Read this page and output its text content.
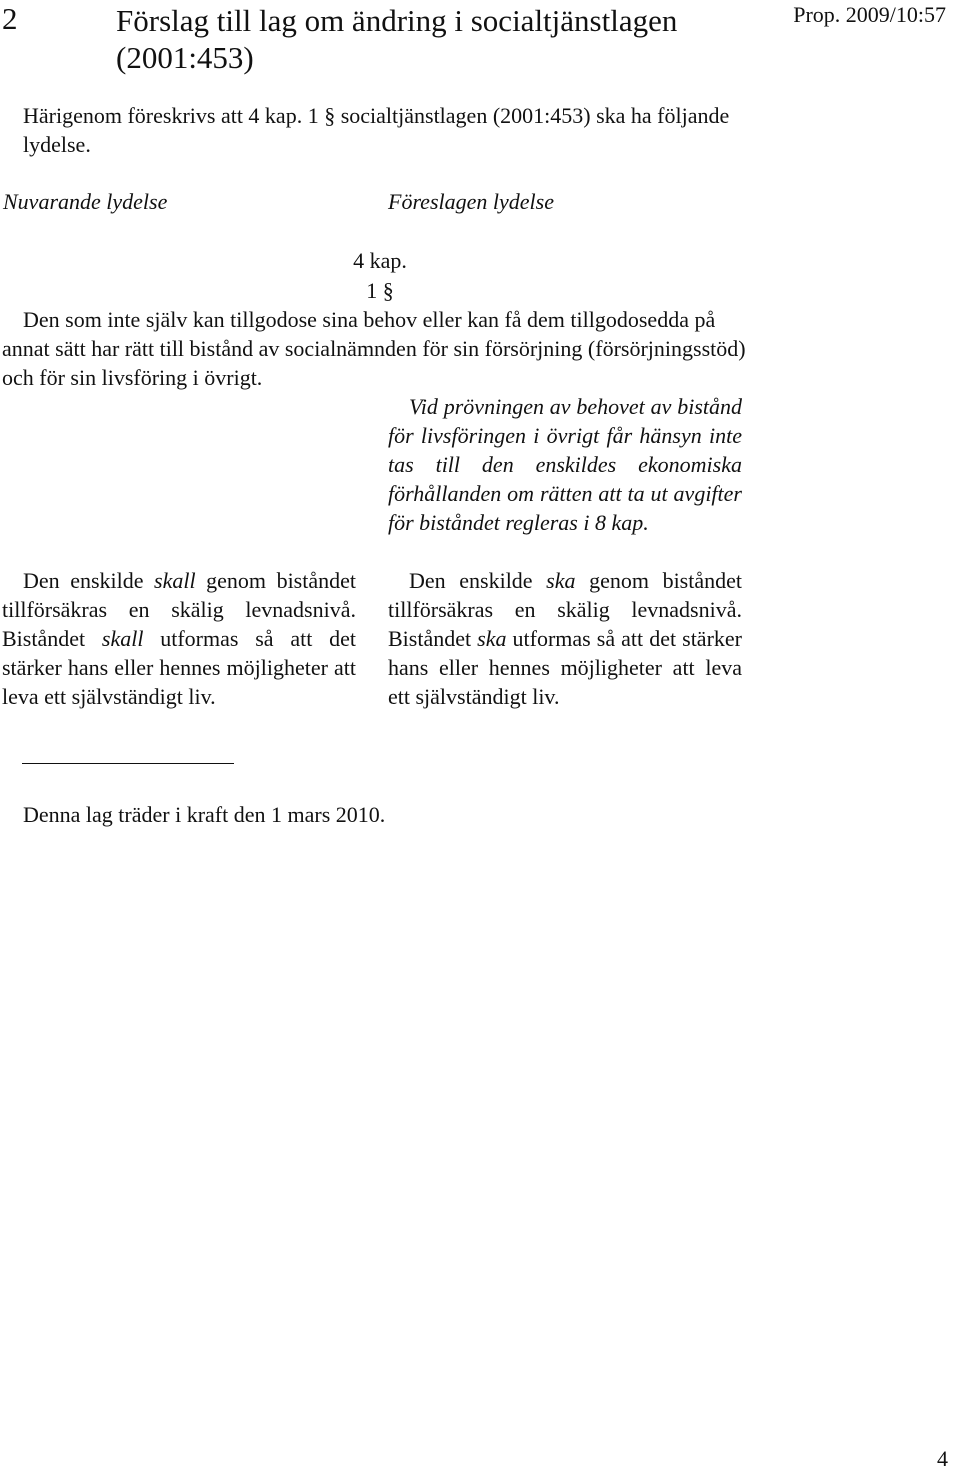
2	Förslag till lag om ändring i socialtjänstlagen (2001:453)
Prop. 2009/10:57
Härigenom föreskrivs att 4 kap. 1 § socialtjänstlagen (2001:453) ska ha följande lydelse.
Nuvarande lydelse	Föreslagen lydelse
4 kap.
1 §
Den som inte själv kan tillgodose sina behov eller kan få dem tillgodosedda på annat sätt har rätt till bistånd av socialnämnden för sin försörjning (försörjningsstöd) och för sin livsföring i övrigt.
Vid prövningen av behovet av bistånd för livsföringen i övrigt får hänsyn inte tas till den enskildes ekonomiska förhållanden om rätten att ta ut avgifter för biståndet regleras i 8 kap.
Den enskilde skall genom biståndet tillförsäkras en skälig levnadsnivå. Biståndet skall utformas så att det stärker hans eller hennes möjligheter att leva ett självständigt liv.
Den enskilde ska genom biståndet tillförsäkras en skälig levnadsnivå. Biståndet ska utformas så att det stärker hans eller hennes möjligheter att leva ett självständigt liv.
Denna lag träder i kraft den 1 mars 2010.
4
